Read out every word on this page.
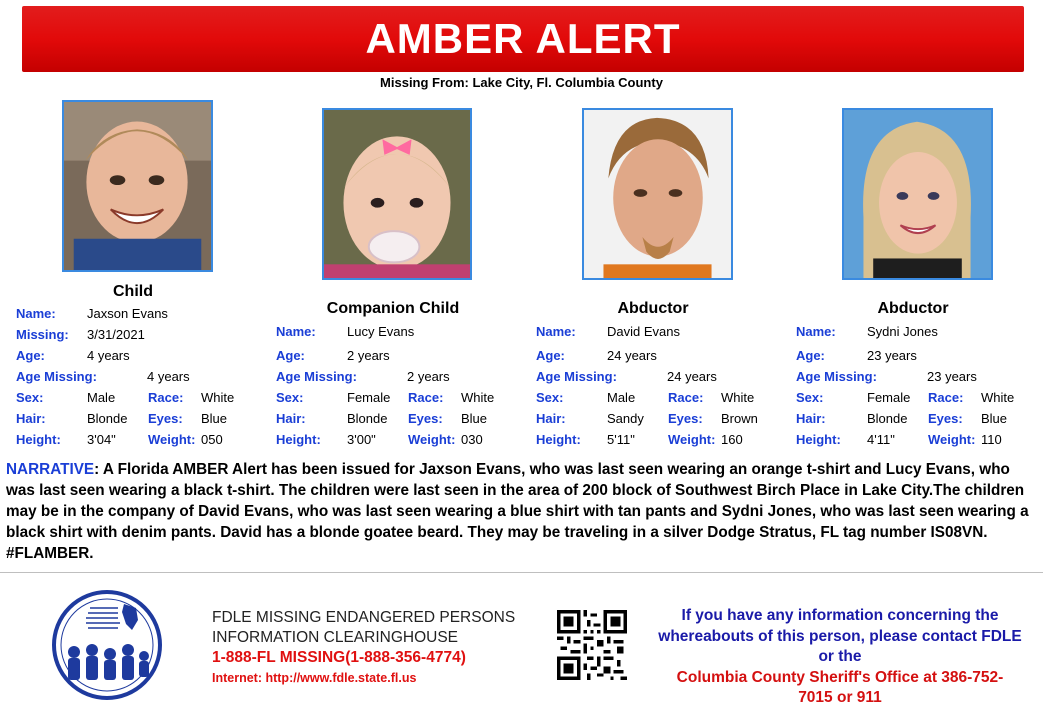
AMBER ALERT
Missing From: Lake City, Fl. Columbia County
Child
Companion Child	Abductor	Abductor
Name: Jaxson Evans
Missing: 3/31/2021
Age:	4 years
Age Missing:	4 years
Sex:	Male	Race: White
Hair:	Blonde Eyes: Blue
Height: 3'04" Weight: 050
Name: Lucy Evans
Age:	2 years
Age Missing:	2 years
Sex:	Female Race: White
Hair:	Blonde Eyes: Blue
Height: 3'00" Weight: 030
Name: David Evans
Age:	24 years
Age Missing:	24 years
Sex:	Male	Race: White
Hair:	Sandy Eyes: Brown
Height: 5'11"	Weight: 160
Name: Sydni Jones
Age:	23 years
Age Missing:	23 years
Sex:	Female Race: White
Hair:	Blonde Eyes: Blue
Height: 4'11"	Weight: 110
NARRATIVE: A Florida AMBER Alert has been issued for Jaxson Evans, who was last seen wearing an orange t-shirt and Lucy Evans, who was last seen wearing a black t-shirt. The children were last seen in the area of 200 block of Southwest Birch Place in Lake City.The children may be in the company of David Evans, who was last seen wearing a blue shirt with tan pants and Sydni Jones, who was last seen wearing a black shirt with denim pants. David has a blonde goatee beard. They may be traveling in a silver Dodge Stratus, FL tag number IS08VN. #FLAMBER.
FDLE MISSING ENDANGERED PERSONS
INFORMATION CLEARINGHOUSE
1-888-FL MISSING(1-888-356-4774)
Internet: http://www.fdle.state.fl.us
If you have any information concerning the
whereabouts of this person, please contact FDLE
or the
Columbia County Sheriff's Office at 386-752-
7015 or 911
